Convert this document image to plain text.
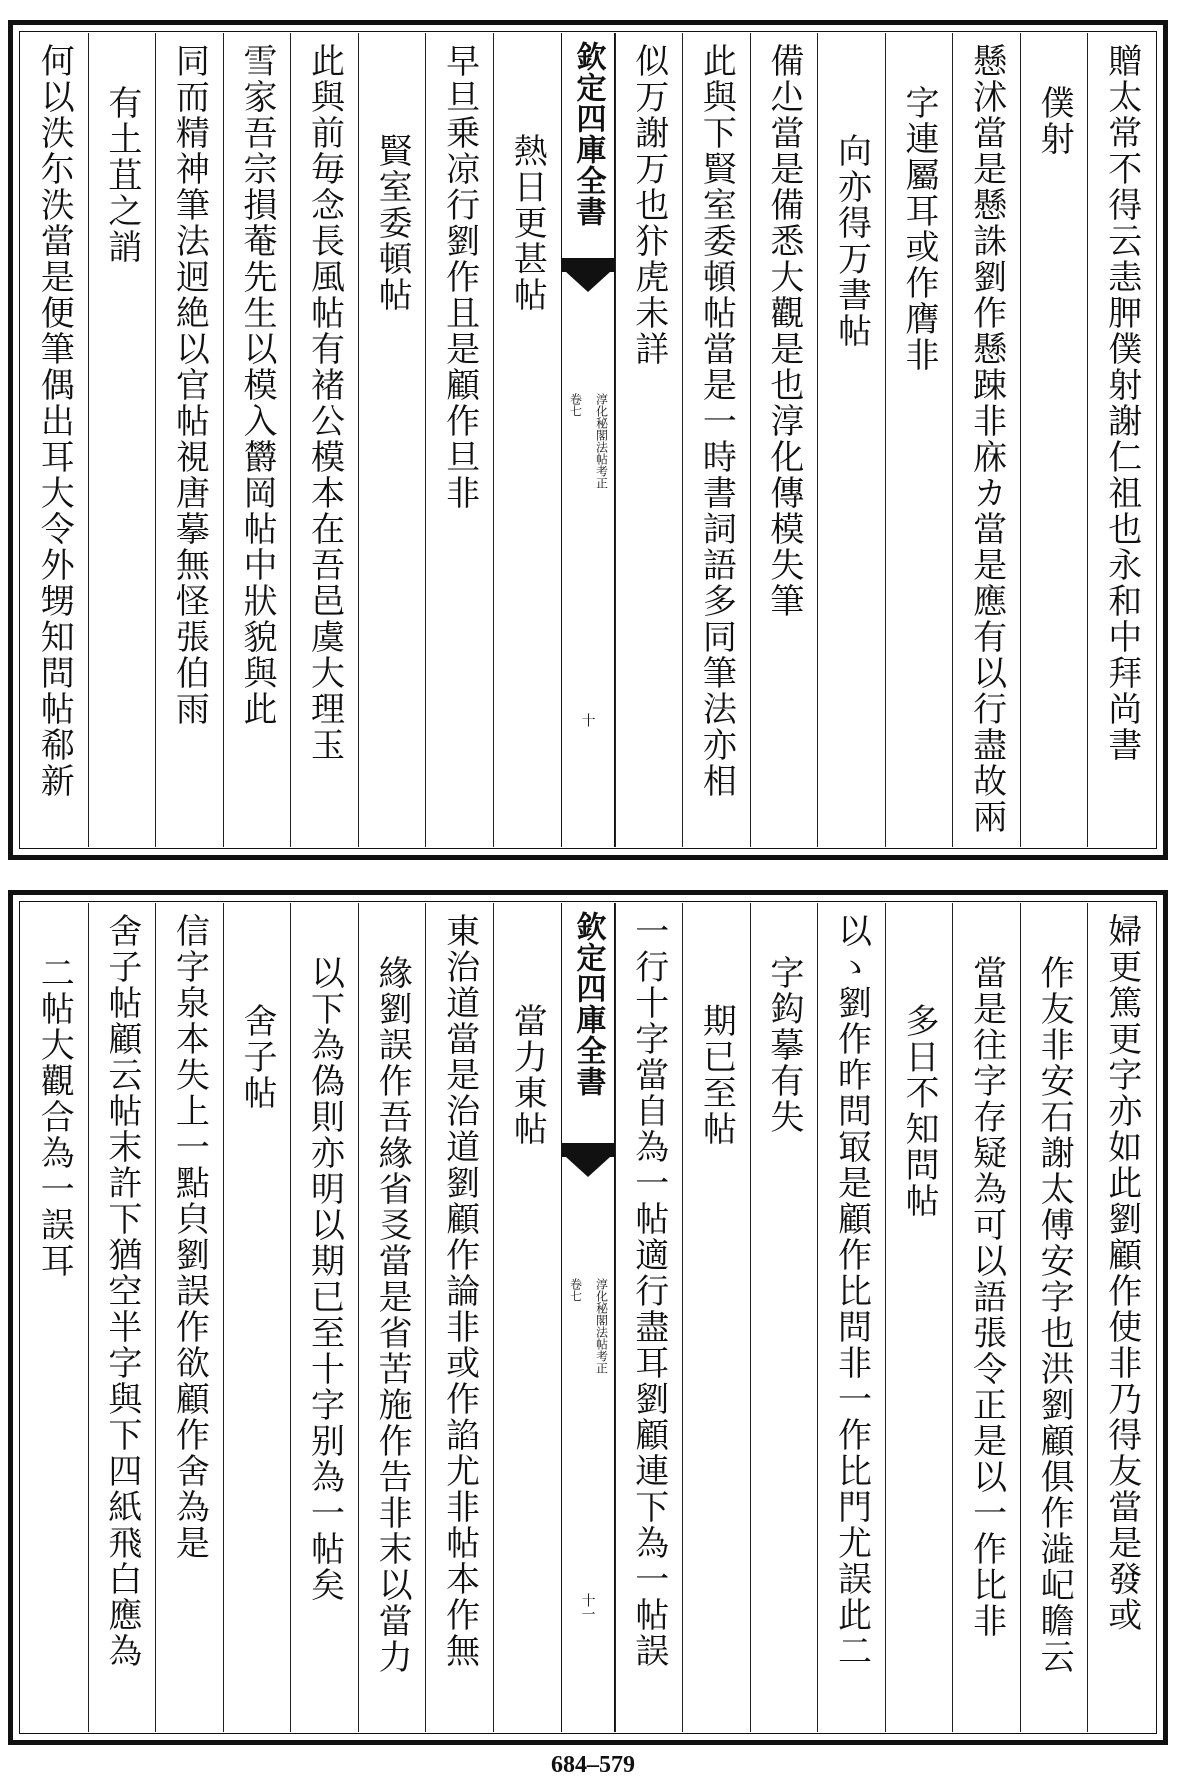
贈太常不得云恚胛僕射謝仁祖也永和中拜尚書
僕射
懸沭當是懸誅劉作懸踈非庥カ當是應有以行盡故兩
字連屬耳或作膺非
向亦得万書帖
備尐當是備悉大觀是也淳化傳模失筆
此與下賢室委頓帖當是一時書詞語多同筆法亦相
似万謝万也犿虎未詳
欽定四庫全書
淳化秘閣法帖考正
卷七
十
熱日更甚帖
早旦乗凉行劉作且是顧作旦非
賢室委頓帖
此與前毎念長風帖有褚公模本在吾邑虞大理玉
雪家吾宗損菴先生以模入欝岡帖中狀貌與此
同而精神筆法迥絶以官帖視唐摹無怪張伯雨
有土苴之誚
何以泆尓泆當是便筆偶出耳大令外甥知問帖郗新
婦更篤更字亦如此劉顧作使非乃得友當是發或
作友非安石謝太傅安字也洪劉顧俱作澁屺瞻云
當是往字存疑為可以語張令正是以一作比非
多日不知問帖
以ゝ劉作昨問冣是顧作比問非一作比門尤誤此二
字鈎摹有失
期已至帖
一行十字當自為一帖適行盡耳劉顧連下為一帖誤
欽定四庫全書
淳化秘閣法帖考正
卷七
十一
當力東帖
東治道當是治道劉顧作論非或作諂尤非帖本作無
緣劉誤作吾緣省㕛當是省苦施作告非末以當力
以下為偽則亦明以期已至十字别為一帖矣
舍子帖
信字泉本失上一點㒵劉誤作欲顧作舍為是
舍子帖顧云帖末許下猶空半字與下四紙飛白應為
二帖大觀合為一誤耳
684–579
